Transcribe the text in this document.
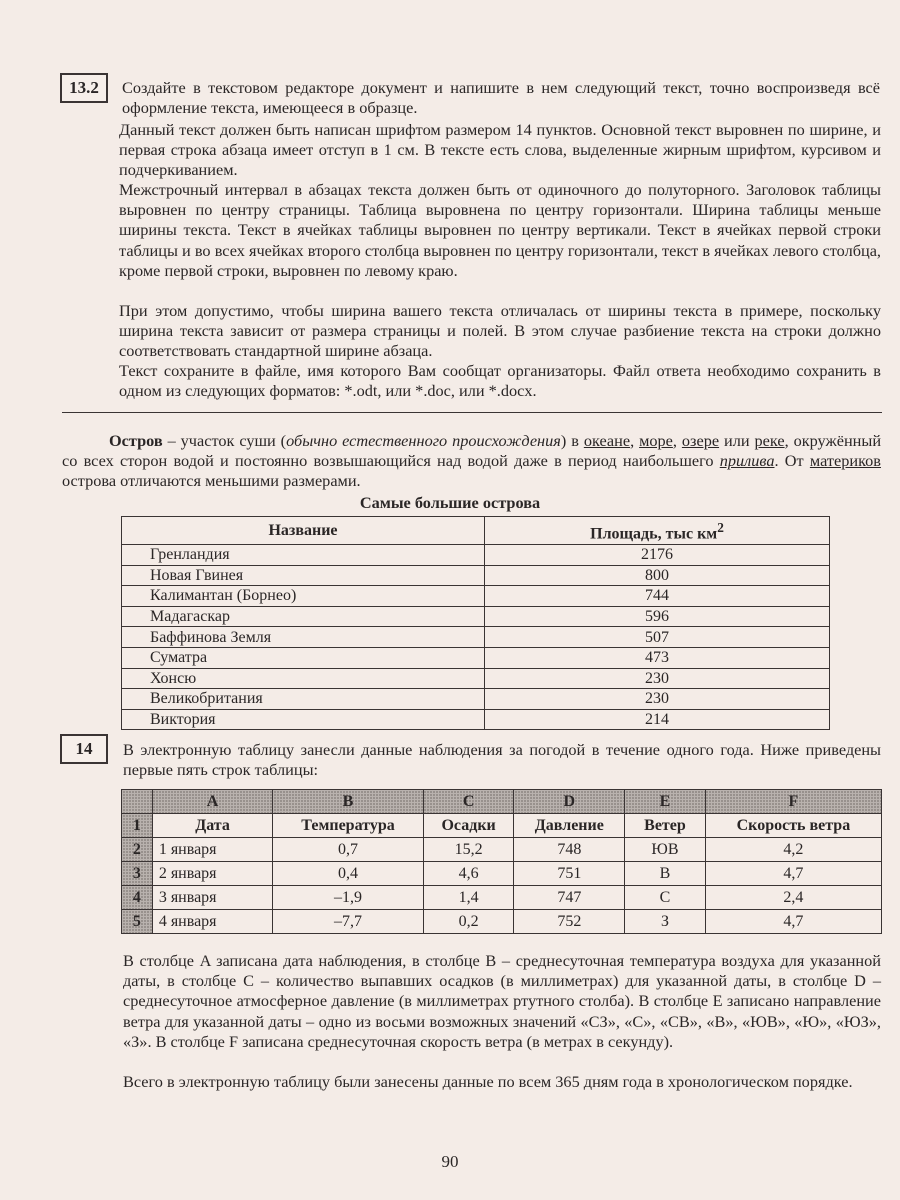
13.2	Создайте в текстовом редакторе документ и напишите в нем следующий текст, точно воспроизведя всё оформление текста, имеющееся в образце.

Данный текст должен быть написан шрифтом размером 14 пунктов. Основной текст выровнен по ширине, и первая строка абзаца имеет отступ в 1 см. В тексте есть слова, выделенные жирным шрифтом, курсивом и подчеркиванием.

Межстрочный интервал в абзацах текста должен быть от одиночного до полуторного. Заголовок таблицы выровнен по центру страницы. Таблица выровнена по центру горизонтали. Ширина таблицы меньше ширины текста. Текст в ячейках таблицы выровнен по центру вертикали. Текст в ячейках первой строки таблицы и во всех ячейках второго столбца выровнен по центру горизонтали, текст в ячейках левого столбца, кроме первой строки, выровнен по левому краю.

При этом допустимо, чтобы ширина вашего текста отличалась от ширины текста в примере, поскольку ширина текста зависит от размера страницы и полей. В этом случае разбиение текста на строки должно соответствовать стандартной ширине абзаца.

Текст сохраните в файле, имя которого Вам сообщат организаторы. Файл ответа необходимо сохранить в одном из следующих форматов: *.odt, или *.doc, или *.docx.

Остров – участок суши (обычно естественного происхождения) в океане, море, озере или реке, окружённый со всех сторон водой и постоянно возвышающийся над водой даже в период наибольшего прилива. От материков острова отличаются меньшими размерами.

Самые большие острова
Название	Площадь, тыс $км^2$
Гренландия	2176
Новая Гвинея	800
Калимантан (Борнео)	744
Мадагаскар	596
Баффинова Земля	507
Суматра	473
Хонсю	230
Великобритания	230
Виктория	214
14	В электронную таблицу занесли данные наблюдения за погодой в течение одного года. Ниже приведены первые пять строк таблицы:

	A	B	C	D	E	F
1	Дата	Температура	Осадки	Давление	Ветер	Скорость ветра
2	1 января	0,7	15,2	748	ЮВ	4,2
3	2 января	0,4	4,6	751	В	4,7
4	3 января	–1,9	1,4	747	С	2,4
5	4 января	–7,7	0,2	752	З	4,7

В столбце A записана дата наблюдения, в столбце B – среднесуточная температура воздуха для указанной даты, в столбце C – количество выпавших осадков (в миллиметрах) для указанной даты, в столбце D – среднесуточное атмосферное давление (в миллиметрах ртутного столба). В столбце E записано направление ветра для указанной даты – одно из восьми возможных значений «СЗ», «С», «СВ», «В», «ЮВ», «Ю», «ЮЗ», «З». В столбце F записана среднесуточная скорость ветра (в метрах в секунду).

Всего в электронную таблицу были занесены данные по всем 365 дням года в хронологическом порядке.

90
